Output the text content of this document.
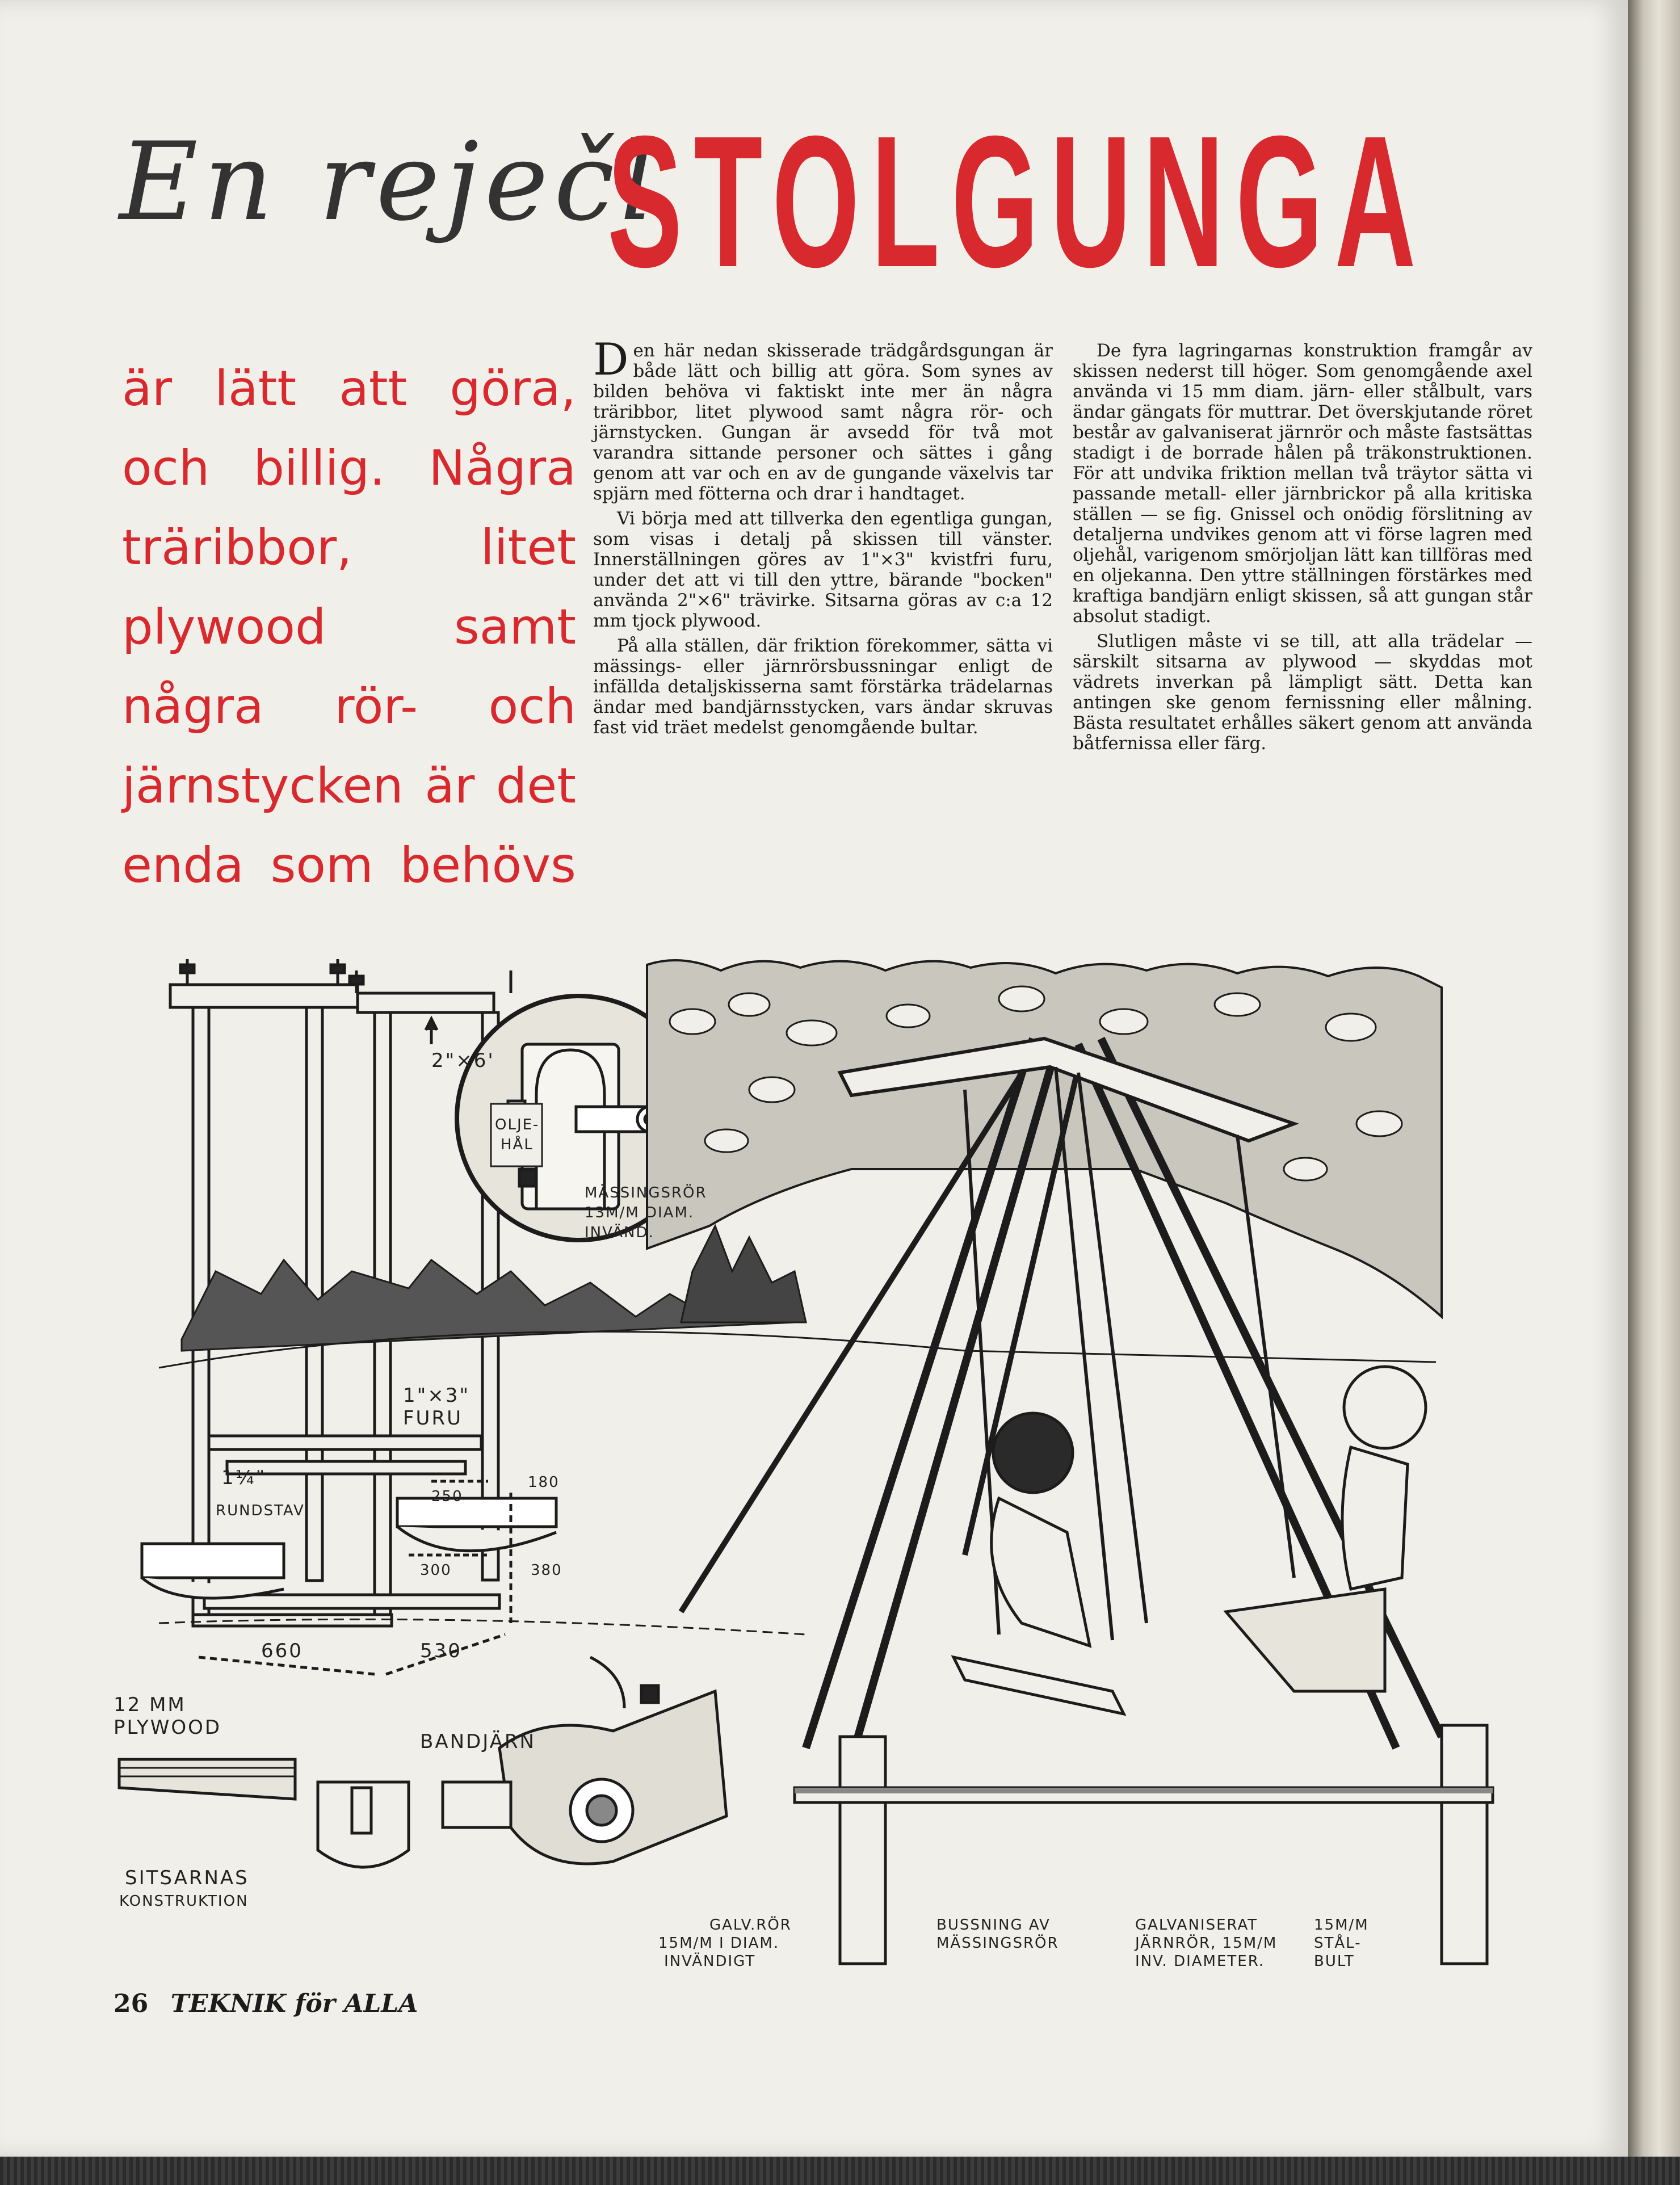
En reječl
STOLGUNGA
är lätt att göra, och billig. Några träribbor, litet plywood samt några rör- och järnstycken är det enda som behövs

Den här nedan skisserade trädgårdsgungan är både lätt och billig att göra. Som synes av bilden behöva vi faktiskt inte mer än några träribbor, litet plywood samt några rör- och järnstycken. Gungan är avsedd för två mot varandra sittande personer och sättes i gång genom att var och en av de gungande växelvis tar spjärn med fötterna och drar i handtaget.

Vi börja med att tillverka den egentliga gungan, som visas i detalj på skissen till vänster. Innerställningen göres av 1"×3" kvistfri furu, under det att vi till den yttre, bärande "bocken" använda 2"×6" trävirke. Sitsarna göras av c:a 12 mm tjock plywood.

På alla ställen, där friktion förekommer, sätta vi mässings- eller järnrörsbussningar enligt de infällda detaljskisserna samt förstärka trädelarnas ändar med bandjärnsstycken, vars ändar skruvas fast vid träet medelst genomgående bultar.

De fyra lagringarnas konstruktion framgår av skissen nederst till höger. Som genomgående axel använda vi 15 mm diam. järn- eller stålbult, vars ändar gängats för muttrar. Det överskjutande röret består av galvaniserat järnrör och måste fastsättas stadigt i de borrade hålen på träkonstruktionen. För att undvika friktion mellan två träytor sätta vi passande metall- eller järnbrickor på alla kritiska ställen — se fig. Gnissel och onödig förslitning av detaljerna undvikes genom att vi förse lagren med oljehål, varigenom smörjoljan lätt kan tillföras med en oljekanna. Den yttre ställningen förstärkes med kraftiga bandjärn enligt skissen, så att gungan står absolut stadigt.

Slutligen måste vi se till, att alla trädelar — särskilt sitsarna av plywood — skyddas mot vädrets inverkan på lämpligt sätt. Detta kan antingen ske genom fernissning eller målning. Bästa resultatet erhålles säkert genom att använda båtfernissa eller färg.

2"×6'
OLJE-
HÅL
MÄSSINGSRÖR
13M/M DIAM.
INVÄND.
1"×3"
FURU
1¼"
RUNDSTAV
180
250
300	380
660	530
12 MM
PLYWOOD
BANDJÄRN
SITSARNAS
KONSTRUKTION
GALV.RÖR
15M/M I DIAM.
INVÄNDIGT
BUSSNING AV
MÄSSINGSRÖR
GALVANISERAT
JÄRNRÖR, 15M/M
INV. DIAMETER.
15M/M
STÅL-
BULT
26 TEKNIK för ALLA
